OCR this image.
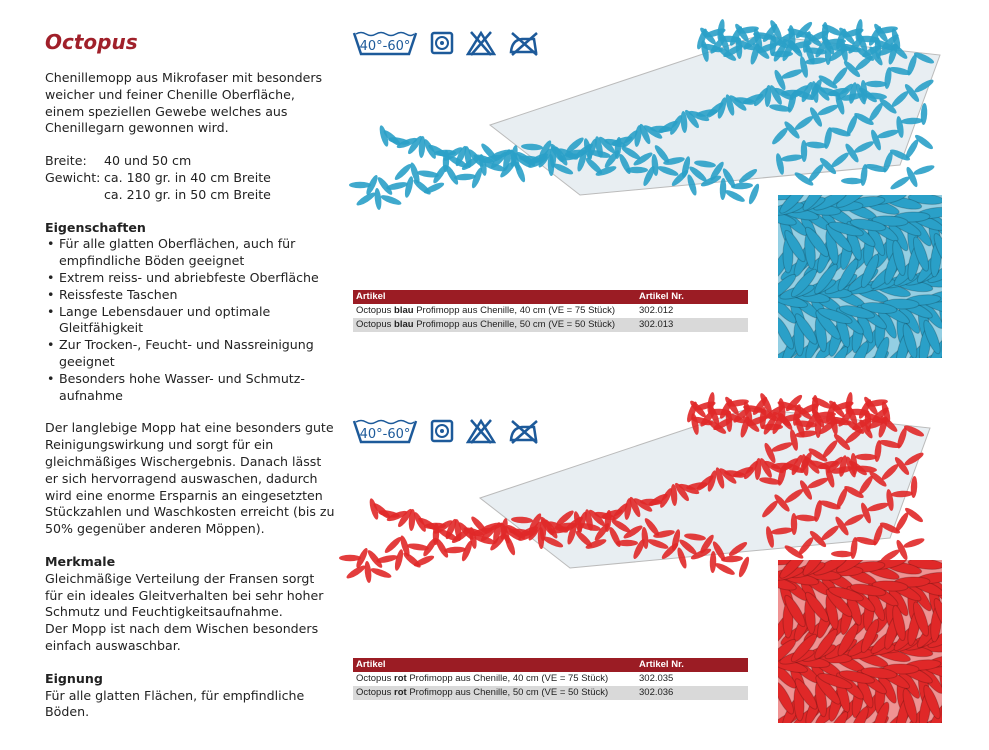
Octopus

Chenillemopp aus Mikrofaser mit besonders weicher und feiner Chenille Oberfläche, einem speziellen Gewebe welches aus Chenillegarn gewonnen wird.

Breite:	40 und 50 cm
Gewicht: ca. 180 gr. in 40 cm Breite
ca. 210 gr. in 50 cm Breite
Eigenschaften
• Für alle glatten Oberflächen, auch für empfindliche Böden geeignet
• Extrem reiss- und abriebfeste Oberfläche
• Reissfeste Taschen
• Lange Lebensdauer und optimale Gleitfähigkeit
• Zur Trocken-, Feucht- und Nassreinigung geeignet
• Besonders hohe Wasser- und Schmutz-aufnahme

Der langlebige Mopp hat eine besonders gute Reinigungswirkung und sorgt für ein gleichmäßiges Wischergebnis. Danach lässt er sich hervorragend auswaschen, dadurch wird eine enorme Ersparnis an eingesetzten Stückzahlen und Waschkosten erreicht (bis zu 50% gegenüber anderen Möppen).

Merkmale
Gleichmäßige Verteilung der Fransen sorgt für ein ideales Gleitverhalten bei sehr hoher Schmutz und Feuchtigkeitsaufnahme.

Der Mopp ist nach dem Wischen besonders einfach auswaschbar.

Eignung
Für alle glatten Flächen, für empfindliche Böden.
40°-60°
Artikel	Artikel Nr.
Octopus blau Profimopp aus Chenille, 40 cm (VE = 75 Stück)	302.012
Octopus blau Profimopp aus Chenille, 50 cm (VE = 50 Stück)	302.013
40°-60°
Artikel	Artikel Nr.
Octopus rot Profimopp aus Chenille, 40 cm (VE = 75 Stück)	302.035
Octopus rot Profimopp aus Chenille, 50 cm (VE = 50 Stück)	302.036
